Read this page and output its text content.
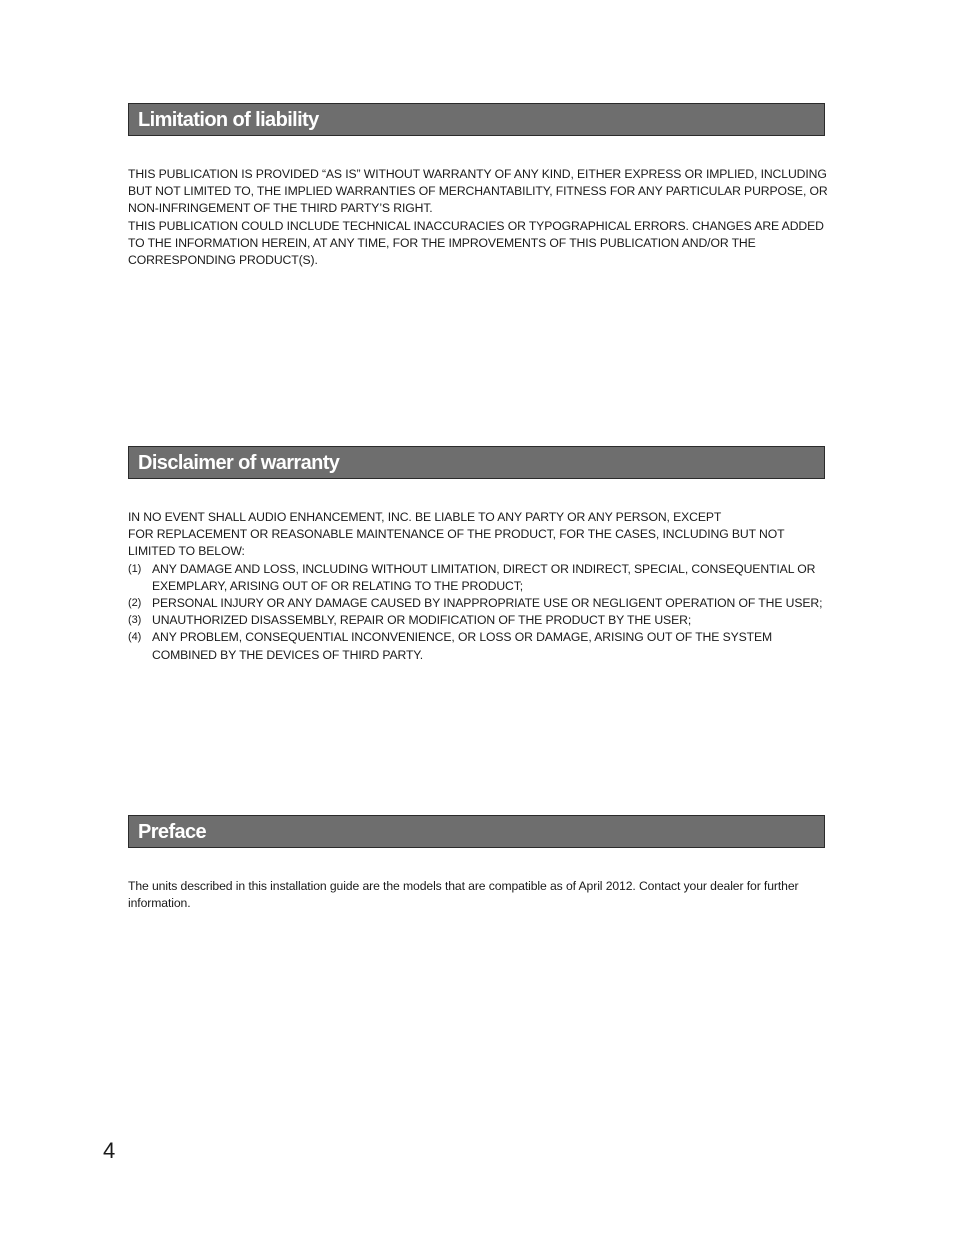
Limitation of liability

THIS PUBLICATION IS PROVIDED “AS IS” WITHOUT WARRANTY OF ANY KIND, EITHER EXPRESS OR IMPLIED, INCLUDING BUT NOT LIMITED TO, THE IMPLIED WARRANTIES OF MERCHANTABILITY, FITNESS FOR ANY PARTICULAR PURPOSE, OR NON-INFRINGEMENT OF THE THIRD PARTY’S RIGHT.

THIS PUBLICATION COULD INCLUDE TECHNICAL INACCURACIES OR TYPOGRAPHICAL ERRORS. CHANGES ARE ADDED TO THE INFORMATION HEREIN, AT ANY TIME, FOR THE IMPROVEMENTS OF THIS PUBLICATION AND/OR THE CORRESPONDING PRODUCT(S).

Disclaimer of warranty

IN NO EVENT SHALL AUDIO ENHANCEMENT, INC. BE LIABLE TO ANY PARTY OR ANY PERSON, EXCEPT

FOR REPLACEMENT OR REASONABLE MAINTENANCE OF THE PRODUCT, FOR THE CASES, INCLUDING BUT NOT LIMITED TO BELOW:

(1) ANY DAMAGE AND LOSS, INCLUDING WITHOUT LIMITATION, DIRECT OR INDIRECT, SPECIAL, CONSEQUENTIAL OR EXEMPLARY, ARISING OUT OF OR RELATING TO THE PRODUCT;
(2) PERSONAL INJURY OR ANY DAMAGE CAUSED BY INAPPROPRIATE USE OR NEGLIGENT OPERATION OF THE USER;
(3) UNAUTHORIZED DISASSEMBLY, REPAIR OR MODIFICATION OF THE PRODUCT BY THE USER;
(4) ANY PROBLEM, CONSEQUENTIAL INCONVENIENCE, OR LOSS OR DAMAGE, ARISING OUT OF THE SYSTEM COMBINED BY THE DEVICES OF THIRD PARTY.
Preface

The units described in this installation guide are the models that are compatible as of April 2012. Contact your dealer for further information.

4
